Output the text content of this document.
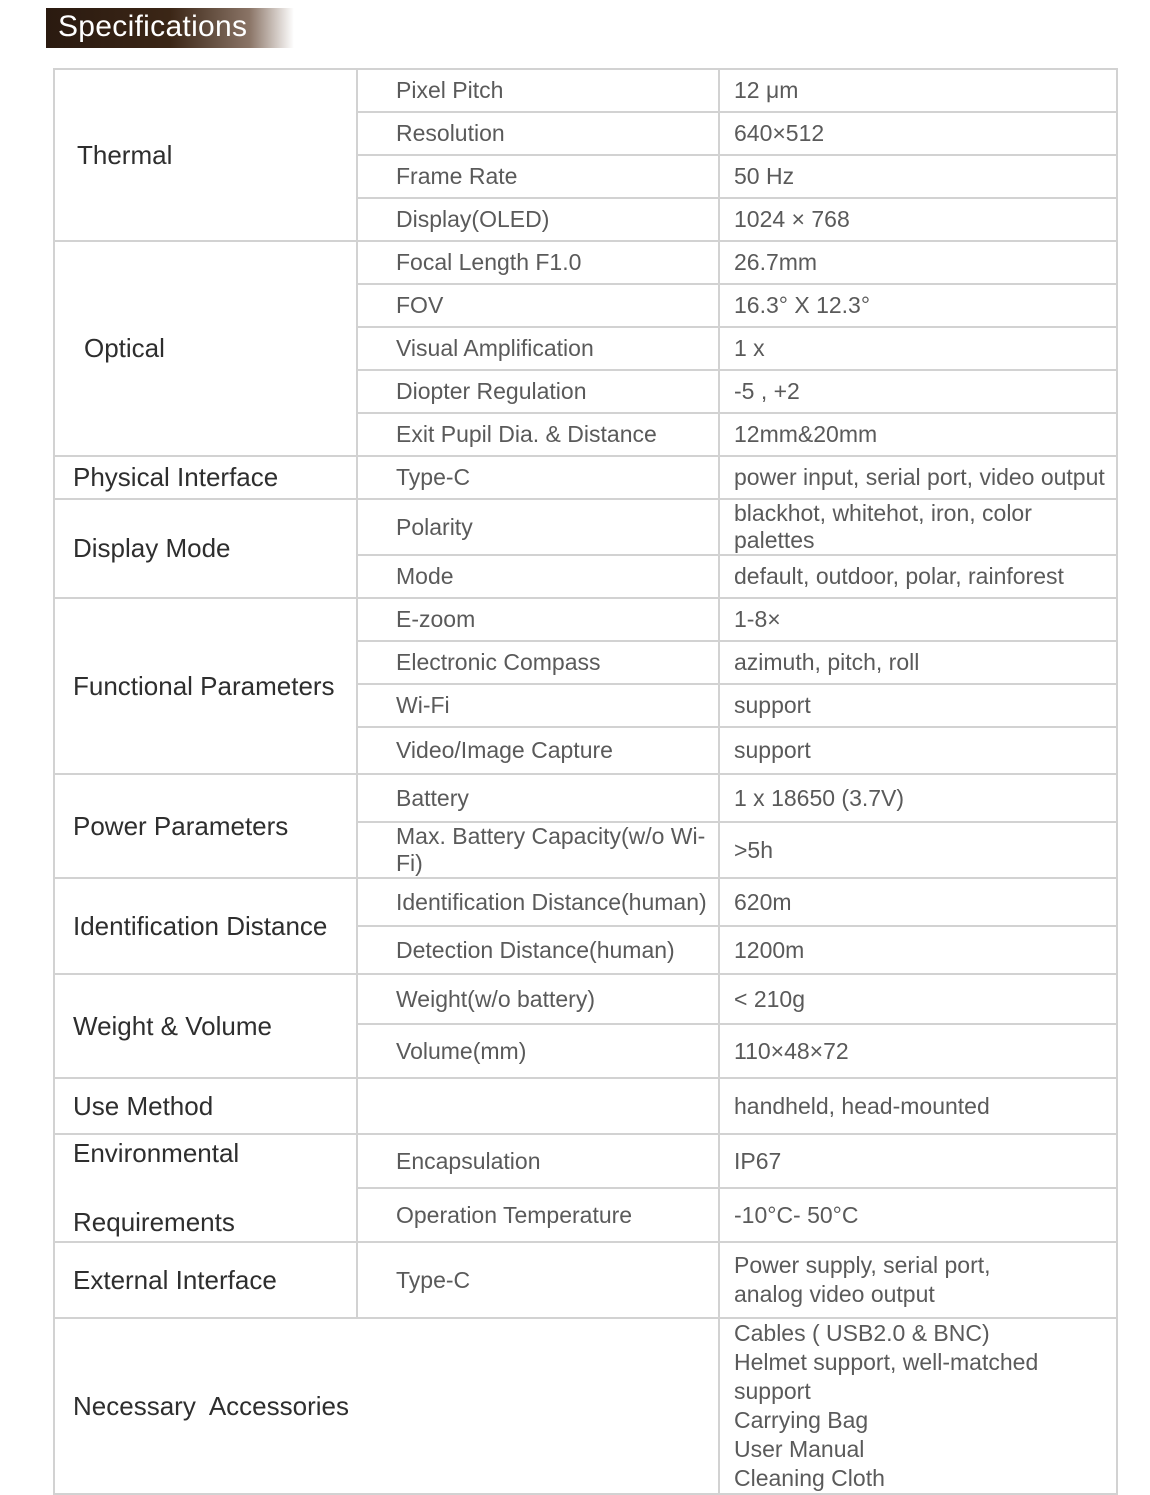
Specifications
Thermal	Pixel Pitch	12 μm
	Resolution	640×512
	Frame Rate	50 Hz
	Display(OLED)	1024 × 768
Optical	Focal Length F1.0	26.7mm
	FOV	16.3° X 12.3°
	Visual Amplification	1 x
	Diopter Regulation	-5 , +2
	Exit Pupil Dia. & Distance	12mm&20mm
Physical Interface	Type-C	power input, serial port, video output
Display Mode	Polarity	blackhot, whitehot, iron, color palettes
	Mode	default, outdoor, polar, rainforest
Functional Parameters	E-zoom	1-8×
	Electronic Compass	azimuth, pitch, roll
	Wi-Fi	support
	Video/Image Capture	support
Power Parameters	Battery	1 x 18650 (3.7V)
	Max. Battery Capacity(w/o Wi-Fi)	>5h
Identification Distance	Identification Distance(human)	620m
	Detection Distance(human)	1200m
Weight & Volume	Weight(w/o battery)	< 210g
	Volume(mm)	110×48×72
Use Method		handheld, head-mounted

Environmental
Requirements	Encapsulation	IP67
	Operation Temperature	-10°C- 50°C
External Interface	Type-C	Power supply, serial port,
analog video output

Necessary  Accessories		Cables ( USB2.0 & BNC)
Helmet support, well-matched support
Carrying Bag
User Manual
Cleaning Cloth
